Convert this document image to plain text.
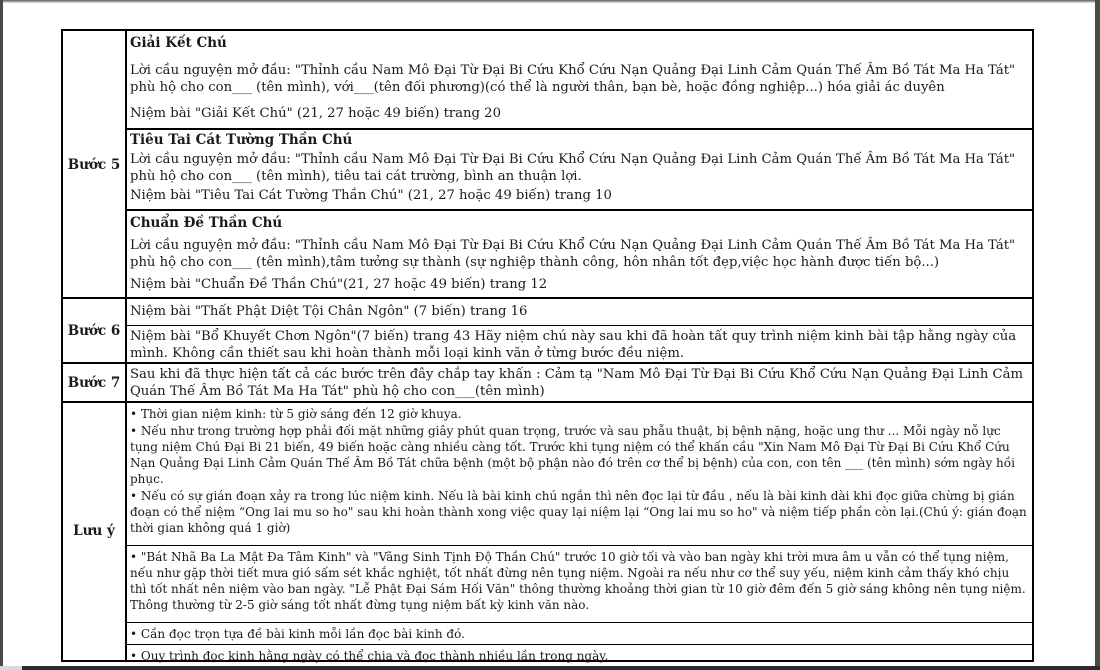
Bước 5
Giải Kết Chú

Lời cầu nguyện mở đầu: "Thỉnh cầu Nam Mô Đại Từ Đại Bi Cứu Khổ Cứu Nạn Quảng Đại Linh Cảm Quán Thế Âm Bồ Tát Ma Ha Tát" phù hộ cho con___ (tên mình), với___(tên đối phương)(có thể là người thân, bạn bè, hoặc đồng nghiệp...) hóa giải ác duyên

Niệm bài "Giải Kết Chú" (21, 27 hoặc 49 biến) trang 20

Tiêu Tai Cát Tường Thần Chú

Lời cầu nguyện mở đầu: "Thỉnh cầu Nam Mô Đại Từ Đại Bi Cứu Khổ Cứu Nạn Quảng Đại Linh Cảm Quán Thế Âm Bồ Tát Ma Ha Tát" phù hộ cho con___ (tên mình), tiêu tai cát trường, bình an thuận lợi.

Niệm bài "Tiêu Tai Cát Tường Thần Chú" (21, 27 hoặc 49 biến) trang 10

Chuẩn Đề Thần Chú

Lời cầu nguyện mở đầu: "Thỉnh cầu Nam Mô Đại Từ Đại Bi Cứu Khổ Cứu Nạn Quảng Đại Linh Cảm Quán Thế Âm Bồ Tát Ma Ha Tát" phù hộ cho con___ (tên mình),tâm tưởng sự thành (sự nghiệp thành công, hôn nhân tốt đẹp,việc học hành được tiến bộ...)

Niệm bài "Chuẩn Đề Thần Chú"(21, 27 hoặc 49 biến) trang 12

Bước 6

Niệm bài "Thất Phật Diệt Tội Chân Ngôn" (7 biến) trang 16

Niệm bài "Bổ Khuyết Chơn Ngôn"(7 biến) trang 43 Hãy niệm chú này sau khi đã hoàn tất quy trình niệm kinh bài tập hằng ngày của mình. Không cần thiết sau khi hoàn thành mỗi loại kinh văn ở từng bước đều niệm.

Bước 7

Sau khi đã thực hiện tất cả các bước trên đây chắp tay khấn : Cảm tạ "Nam Mô Đại Từ Đại Bi Cứu Khổ Cứu Nạn Quảng Đại Linh Cảm Quán Thế Âm Bồ Tát Ma Ha Tát" phù hộ cho con___(tên mình)

Lưu ý

• Thời gian niệm kinh: từ 5 giờ sáng đến 12 giờ khuya.

• Nếu như trong trường hợp phải đối mặt những giây phút quan trọng, trước và sau phẫu thuật, bị bệnh nặng, hoặc ung thư ... Mỗi ngày nỗ lực tụng niệm Chú Đại Bi 21 biến, 49 biến hoặc càng nhiều càng tốt. Trước khi tụng niệm có thể khấn cầu "Xin Nam Mô Đại Từ Đại Bi Cứu Khổ Cứu Nạn Quảng Đại Linh Cảm Quán Thế Âm Bồ Tát chữa bệnh (một bộ phận nào đó trên cơ thể bị bệnh) của con, con tên ___ (tên mình) sớm ngày hồi phục.

• Nếu có sự gián đoạn xảy ra trong lúc niệm kinh. Nếu là bài kinh chú ngắn thì nên đọc lại từ đầu , nếu là bài kinh dài khi đọc giữa chừng bị gián đoạn có thể niệm “Ong lai mu so ho" sau khi hoàn thành xong việc quay lại niệm lại “Ong lai mu so ho" và niệm tiếp phần còn lại.(Chú ý: gián đoạn thời gian không quá 1 giờ)

• "Bát Nhã Ba La Mật Đa Tâm Kinh" và "Vãng Sinh Tịnh Độ Thần Chú" trước 10 giờ tối và vào ban ngày khi trời mưa âm u vẫn có thể tụng niệm, nếu như gặp thời tiết mưa gió sấm sét khắc nghiệt, tốt nhất đừng nên tụng niệm. Ngoài ra nếu như cơ thể suy yếu, niệm kinh cảm thấy khó chịu thì tốt nhất nên niệm vào ban ngày. "Lễ Phật Đại Sám Hối Văn" thông thường khoảng thời gian từ 10 giờ đêm đến 5 giờ sáng không nên tụng niệm. Thông thường từ 2-5 giờ sáng tốt nhất đừng tụng niệm bất kỳ kinh văn nào.

• Cần đọc trọn tựa đề bài kinh mỗi lần đọc bài kinh đó.

• Quy trình đọc kinh hằng ngày có thể chia và đọc thành nhiều lần trong ngày.
